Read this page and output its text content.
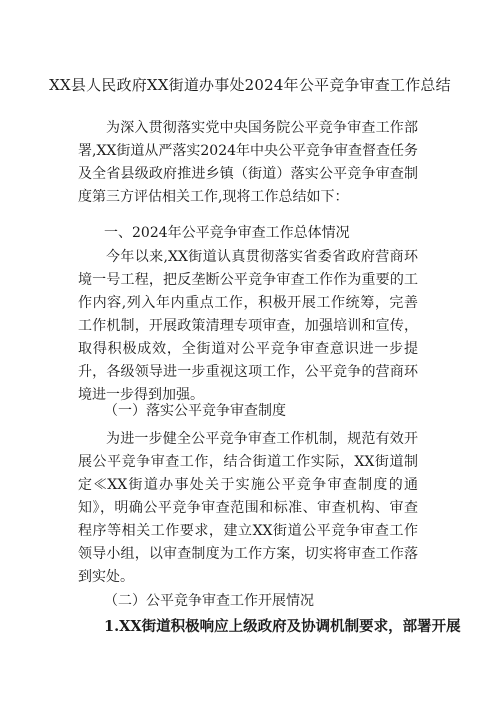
XX县人民政府XX街道办事处2024年公平竞争审查工作总结

为深入贯彻落实党中央国务院公平竞争审查工作部署,XX街道从严落实2024年中央公平竞争审查督查任务及全省县级政府推进乡镇（街道）落实公平竞争审查制度第三方评估相关工作,现将工作总结如下：

一、2024年公平竞争审查工作总体情况

今年以来,XX街道认真贯彻落实省委省政府营商环境一号工程，把反垄断公平竞争审查工作作为重要的工作内容,列入年内重点工作，积极开展工作统筹，完善工作机制，开展政策清理专项审查，加强培训和宣传，取得积极成效，全街道对公平竞争审查意识进一步提升，各级领导进一步重视这项工作，公平竞争的营商环境进一步得到加强。

（一）落实公平竞争审查制度

为进一步健全公平竞争审查工作机制，规范有效开展公平竞争审查工作，结合街道工作实际，XX街道制定≪XX街道办事处关于实施公平竞争审查制度的通知》，明确公平竞争审查范围和标准、审查机构、审查程序等相关工作要求，建立XX街道公平竞争审查工作领导小组，以审查制度为工作方案，切实将审查工作落到实处。

（二）公平竞争审查工作开展情况

1.XX街道积极响应上级政府及协调机制要求，部署开展
